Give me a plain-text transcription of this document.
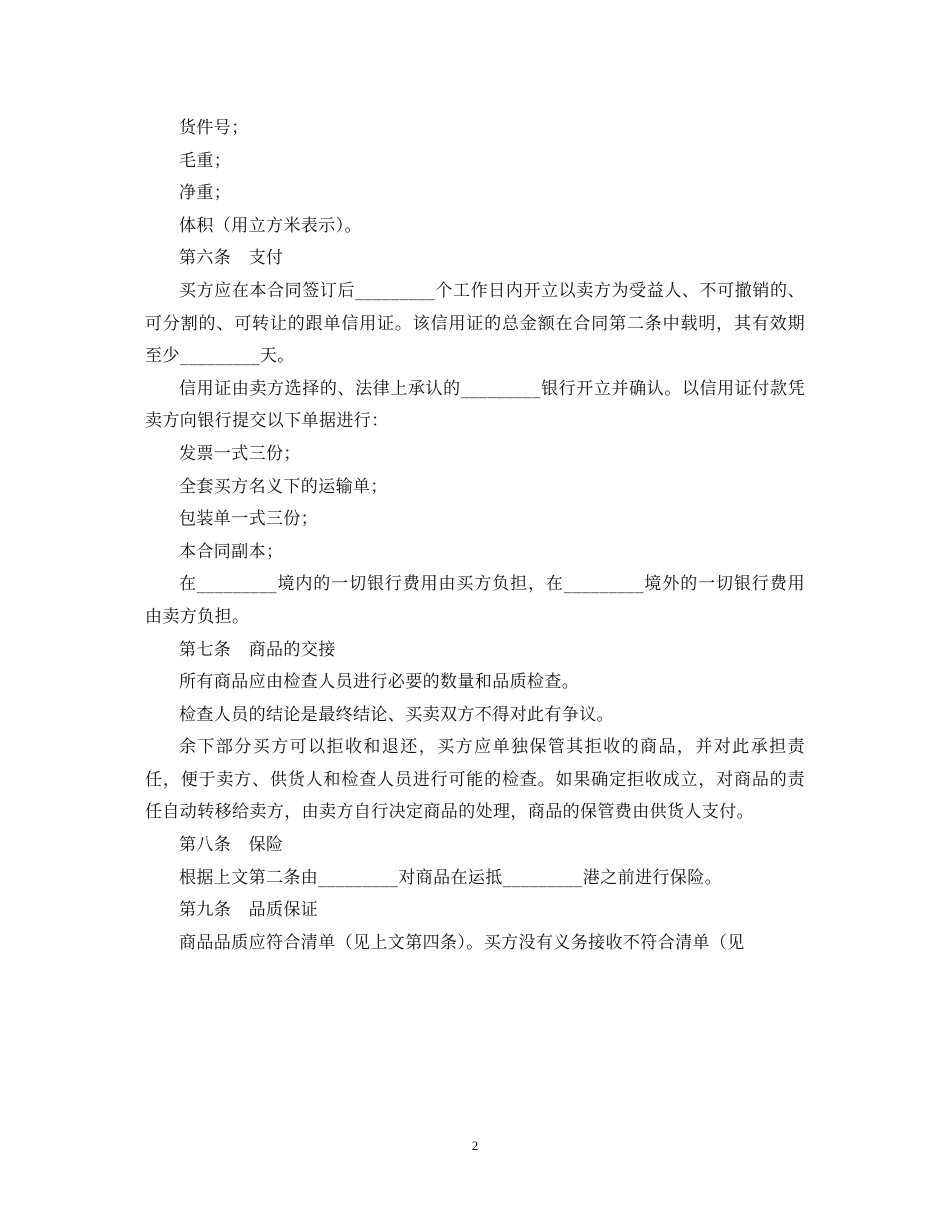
货件号；

毛重；

净重；

体积（用立方米表示）。

第六条　支付

买方应在本合同签订后_________个工作日内开立以卖方为受益人、不可撤销的、可分割的、可转让的跟单信用证。该信用证的总金额在合同第二条中载明，其有效期至少_________天。

信用证由卖方选择的、法律上承认的_________银行开立并确认。以信用证付款凭卖方向银行提交以下单据进行：

发票一式三份；

全套买方名义下的运输单；

包装单一式三份；

本合同副本；

在_________境内的一切银行费用由买方负担，在_________境外的一切银行费用由卖方负担。

第七条　商品的交接

所有商品应由检查人员进行必要的数量和品质检查。

检查人员的结论是最终结论、买卖双方不得对此有争议。

余下部分买方可以拒收和退还，买方应单独保管其拒收的商品，并对此承担责任，便于卖方、供货人和检查人员进行可能的检查。如果确定拒收成立，对商品的责任自动转移给卖方，由卖方自行决定商品的处理，商品的保管费由供货人支付。

第八条　保险

根据上文第二条由_________对商品在运抵_________港之前进行保险。

第九条　品质保证

商品品质应符合清单（见上文第四条）。买方没有义务接收不符合清单（见

2
